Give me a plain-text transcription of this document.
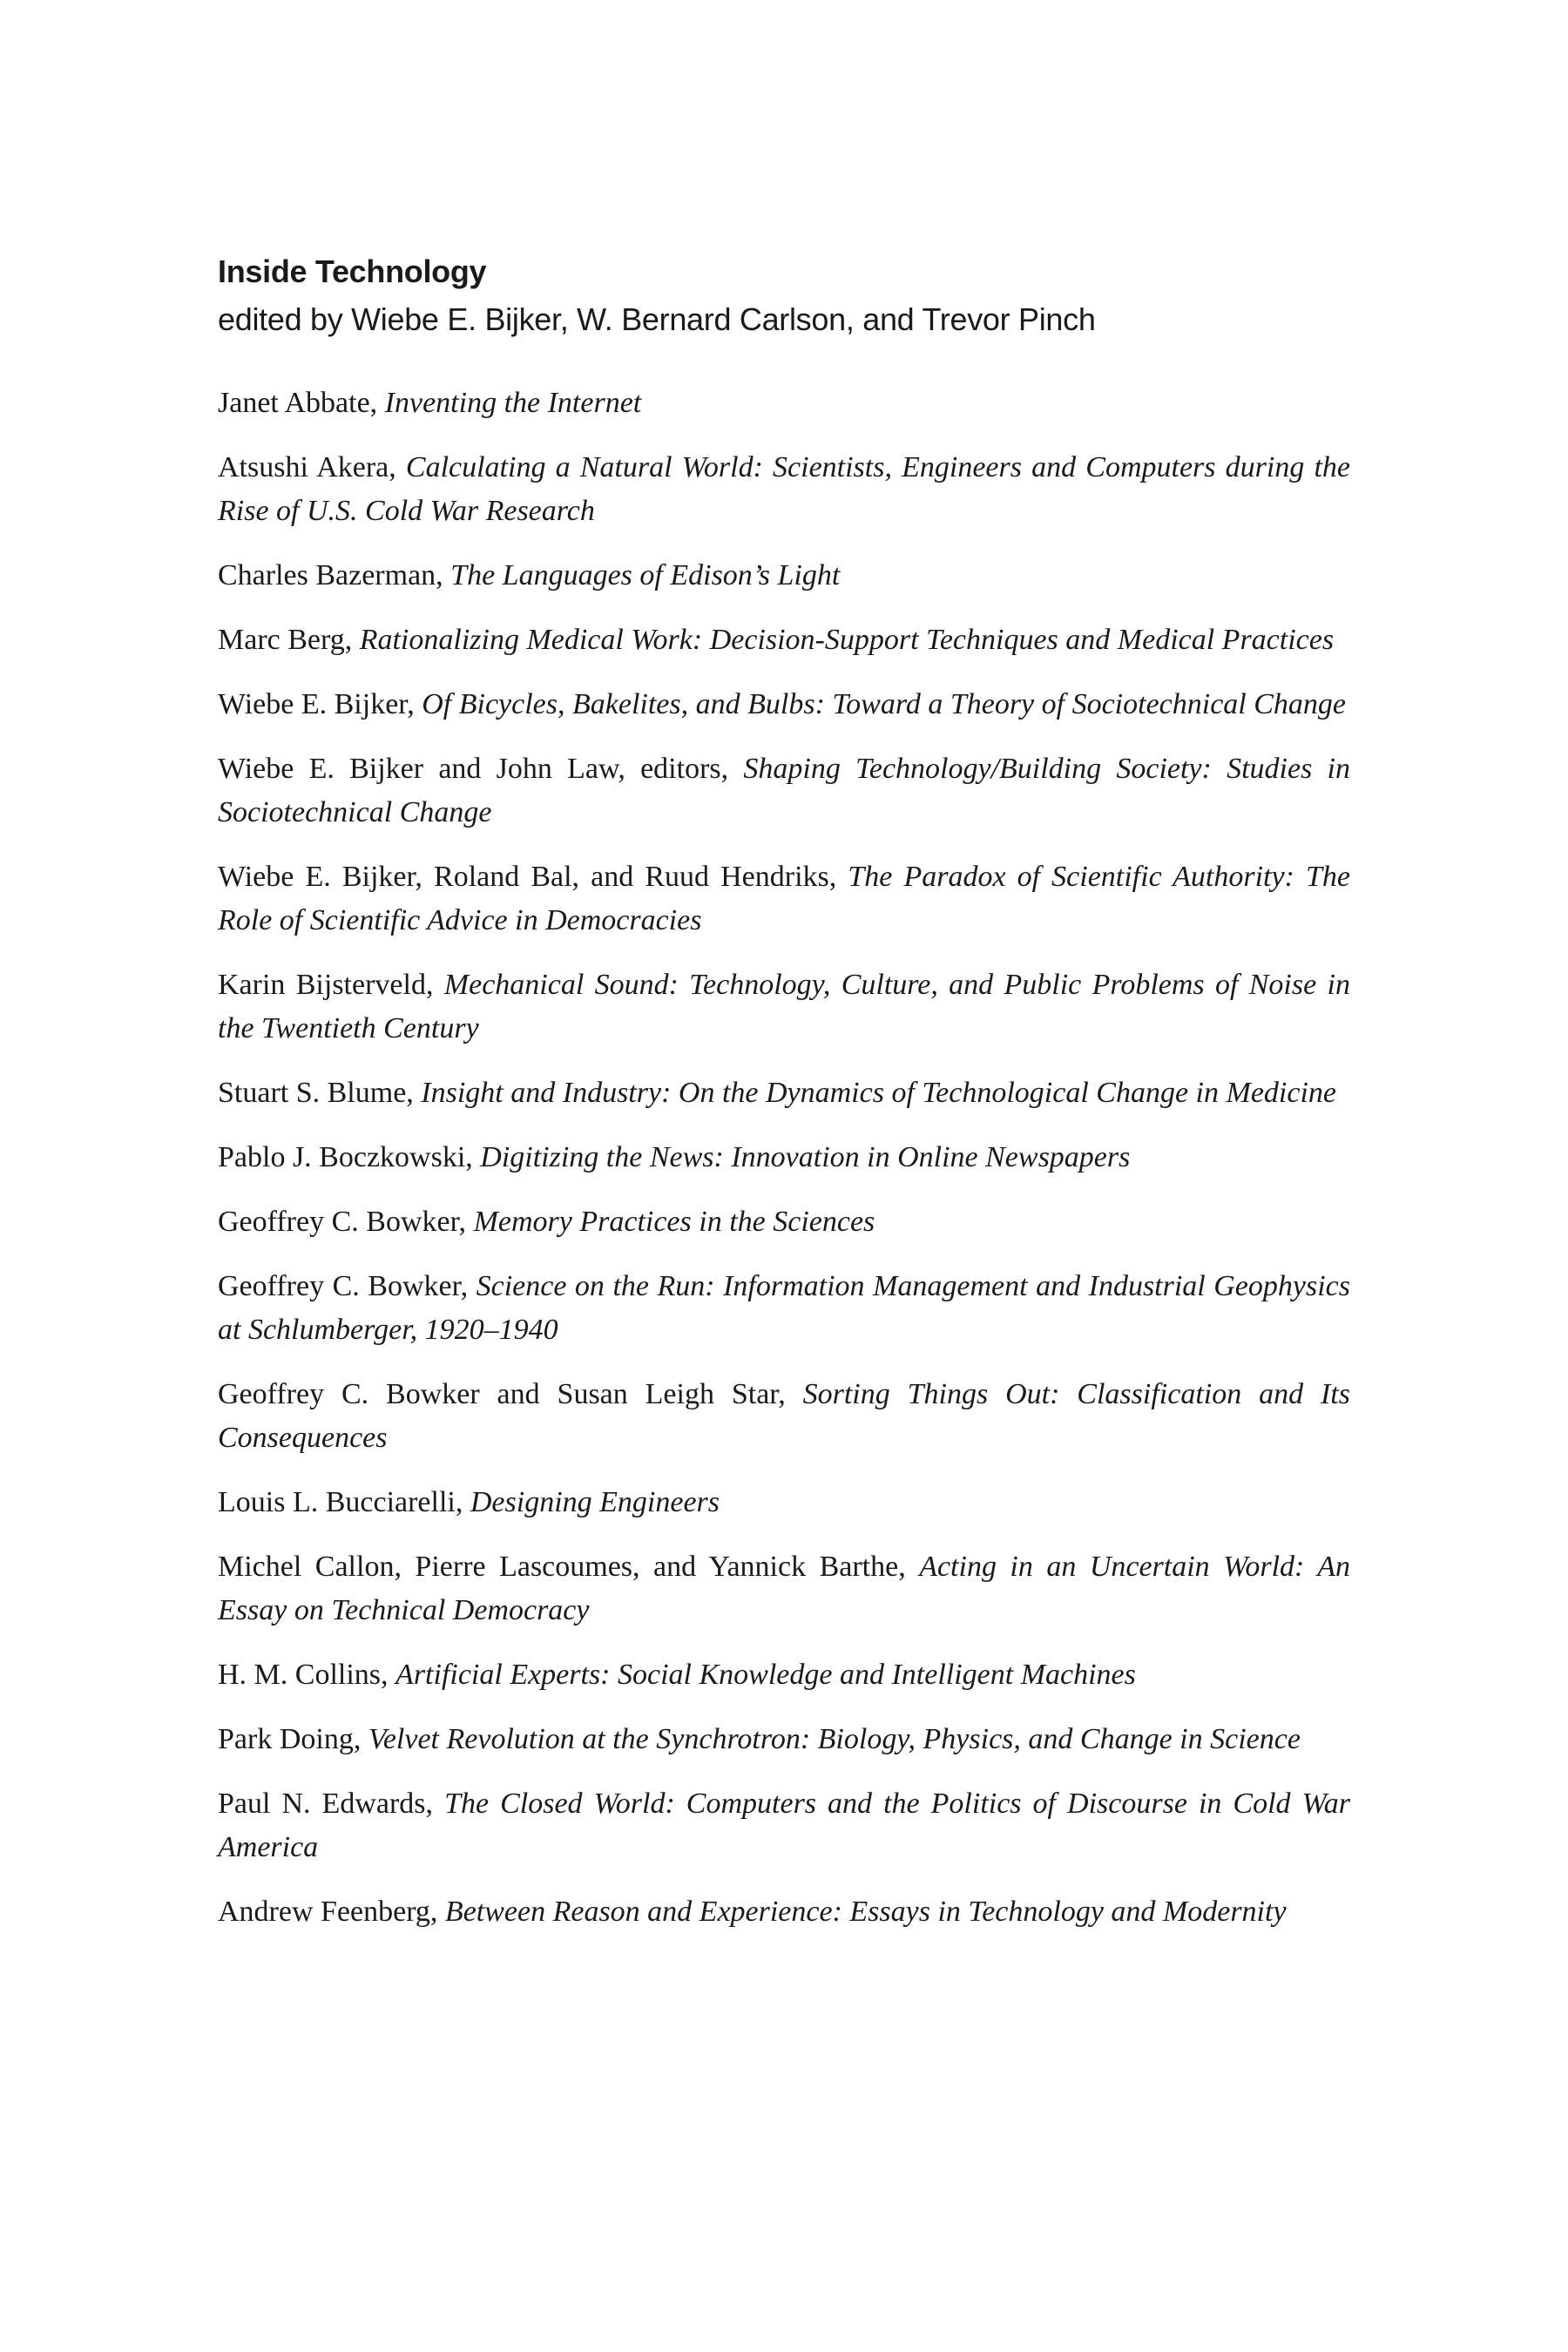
Inside Technology

edited by Wiebe E. Bijker, W. Bernard Carlson, and Trevor Pinch

Janet Abbate, Inventing the Internet
Atsushi Akera, Calculating a Natural World: Scientists, Engineers and Computers during the Rise of U.S. Cold War Research
Charles Bazerman, The Languages of Edison’s Light
Marc Berg, Rationalizing Medical Work: Decision-Support Techniques and Medical Practices
Wiebe E. Bijker, Of Bicycles, Bakelites, and Bulbs: Toward a Theory of Sociotechnical Change
Wiebe E. Bijker and John Law, editors, Shaping Technology/Building Society: Studies in Sociotechnical Change
Wiebe E. Bijker, Roland Bal, and Ruud Hendriks, The Paradox of Scientific Authority: The Role of Scientific Advice in Democracies
Karin Bijsterveld, Mechanical Sound: Technology, Culture, and Public Problems of Noise in the Twentieth Century
Stuart S. Blume, Insight and Industry: On the Dynamics of Technological Change in Medicine
Pablo J. Boczkowski, Digitizing the News: Innovation in Online Newspapers
Geoffrey C. Bowker, Memory Practices in the Sciences
Geoffrey C. Bowker, Science on the Run: Information Management and Industrial Geophysics at Schlumberger, 1920–1940
Geoffrey C. Bowker and Susan Leigh Star, Sorting Things Out: Classification and Its Consequences
Louis L. Bucciarelli, Designing Engineers
Michel Callon, Pierre Lascoumes, and Yannick Barthe, Acting in an Uncertain World: An Essay on Technical Democracy
H. M. Collins, Artificial Experts: Social Knowledge and Intelligent Machines
Park Doing, Velvet Revolution at the Synchrotron: Biology, Physics, and Change in Science
Paul N. Edwards, The Closed World: Computers and the Politics of Discourse in Cold War America
Andrew Feenberg, Between Reason and Experience: Essays in Technology and Modernity
